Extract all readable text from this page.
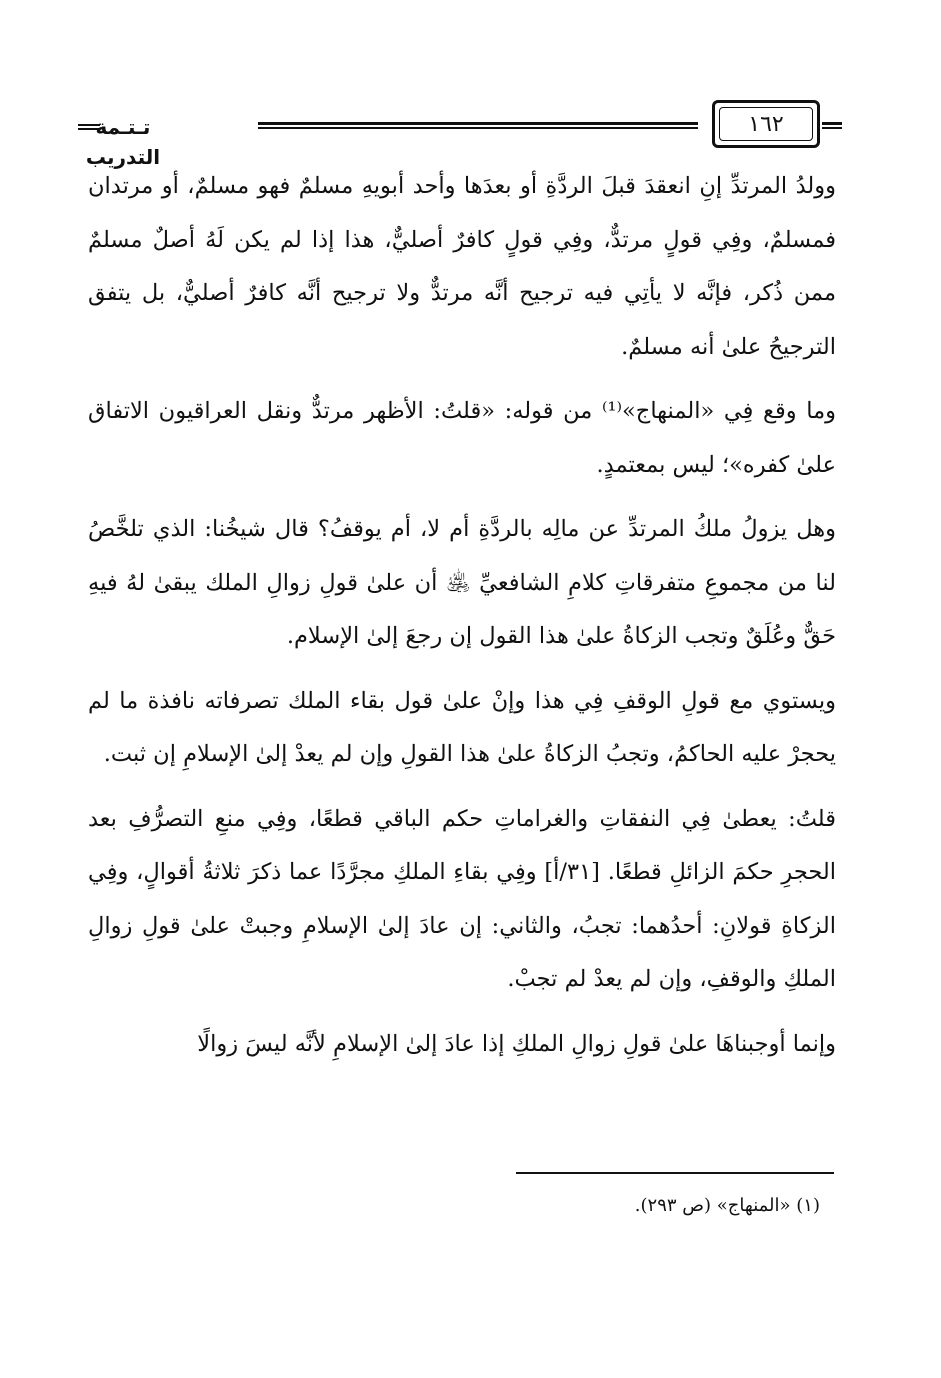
تـتـمة التدريب
١٦٢

وولدُ المرتدِّ إنِ انعقدَ قبلَ الردَّةِ أو بعدَها وأحد أبويهِ مسلمٌ فهو مسلمٌ، أو مرتدان فمسلمٌ، وفِي قولٍ مرتدٌّ، وفِي قولٍ كافرٌ أصليٌّ، هذا إذا لم يكن لَهُ أصلٌ مسلمٌ ممن ذُكر، فإنَّه لا يأتِي فيه ترجيح أنَّه مرتدٌّ ولا ترجيح أنَّه كافرٌ أصليٌّ، بل يتفق الترجيحُ علىٰ أنه مسلمٌ.

وما وقع فِي «المنهاج»⁽¹⁾ من قوله: «قلتُ: الأظهر مرتدٌّ ونقل العراقيون الاتفاق علىٰ كفره»؛ ليس بمعتمدٍ.

وهل يزولُ ملكُ المرتدِّ عن مالِه بالردَّةِ أم لا، أم يوقفُ؟ قال شيخُنا: الذي تلخَّصُ لنا من مجموعِ متفرقاتِ كلامِ الشافعيِّ ﵁ أن علىٰ قولِ زوالِ الملك يبقىٰ لهُ فيهِ حَقٌّ وعُلَقٌ وتجب الزكاةُ علىٰ هذا القول إن رجعَ إلىٰ الإسلام.

ويستوي مع قولِ الوقفِ فِي هذا وإنْ علىٰ قول بقاء الملك تصرفاته نافذة ما لم يحجرْ عليه الحاكمُ، وتجبُ الزكاةُ علىٰ هذا القولِ وإن لم يعدْ إلىٰ الإسلامِ إن ثبت.

قلتُ: يعطىٰ فِي النفقاتِ والغراماتِ حكم الباقي قطعًا، وفِي منعِ التصرُّفِ بعد الحجرِ حكمَ الزائلِ قطعًا. [٣١/أ] وفِي بقاءِ الملكِ مجرَّدًا عما ذكرَ ثلاثةُ أقوالٍ، وفِي الزكاةِ قولانِ: أحدُهما: تجبُ، والثاني: إن عادَ إلىٰ الإسلامِ وجبتْ علىٰ قولِ زوالِ الملكِ والوقفِ، وإن لم يعدْ لم تجبْ.

وإنما أوجبناهَا علىٰ قولِ زوالِ الملكِ إذا عادَ إلىٰ الإسلامِ لأنَّه ليسَ زوالًا

(١) «المنهاج» (ص ٢٩٣).
